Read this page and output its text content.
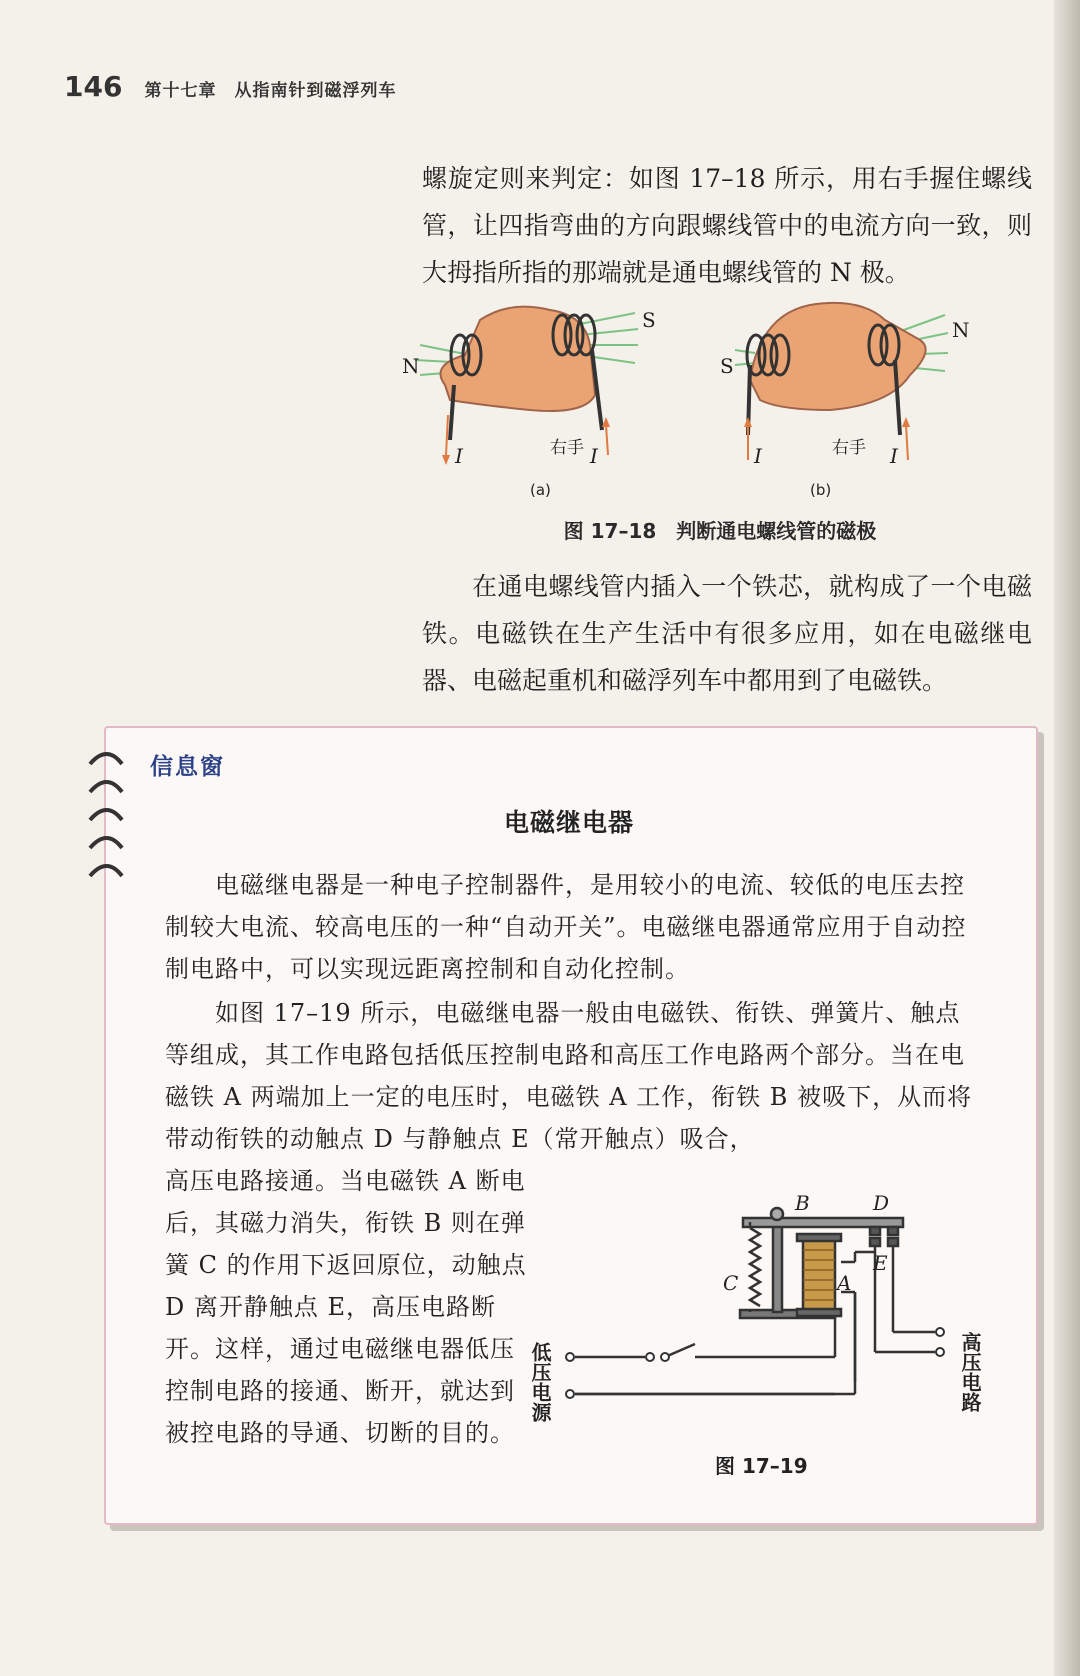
146 第十七章　从指南针到磁浮列车
螺旋定则来判定：如图 17–18 所示，用右手握住螺线管，让四指弯曲的方向跟螺线管中的电流方向一致，则大拇指所指的那端就是通电螺线管的 N 极。
N
S
右手
I	I
(a)
S
N
右手
I	I
(b)
图 17–18　判断通电螺线管的磁极
在通电螺线管内插入一个铁芯，就构成了一个电磁铁。电磁铁在生产生活中有很多应用，如在电磁继电器、电磁起重机和磁浮列车中都用到了电磁铁。
信息窗
电磁继电器
电磁继电器是一种电子控制器件，是用较小的电流、较低的电压去控制较大电流、较高电压的一种“自动开关”。电磁继电器通常应用于自动控制电路中，可以实现远距离控制和自动化控制。
如图 17–19 所示，电磁继电器一般由电磁铁、衔铁、弹簧片、触点等组成，其工作电路包括低压控制电路和高压工作电路两个部分。当在电磁铁 A 两端加上一定的电压时，电磁铁 A 工作，衔铁 B 被吸下，从而将带动衔铁的动触点 D 与静触点 E（常开触点）吸合，
高压电路接通。当电磁铁 A 断电后，其磁力消失，衔铁 B 则在弹簧 C 的作用下返回原位，动触点 D 离开静触点 E，高压电路断开。这样，通过电磁继电器低压控制电路的接通、断开，就达到被控电路的导通、切断的目的。
B	D
E
C	A
低压电源	高压电路
图 17–19
